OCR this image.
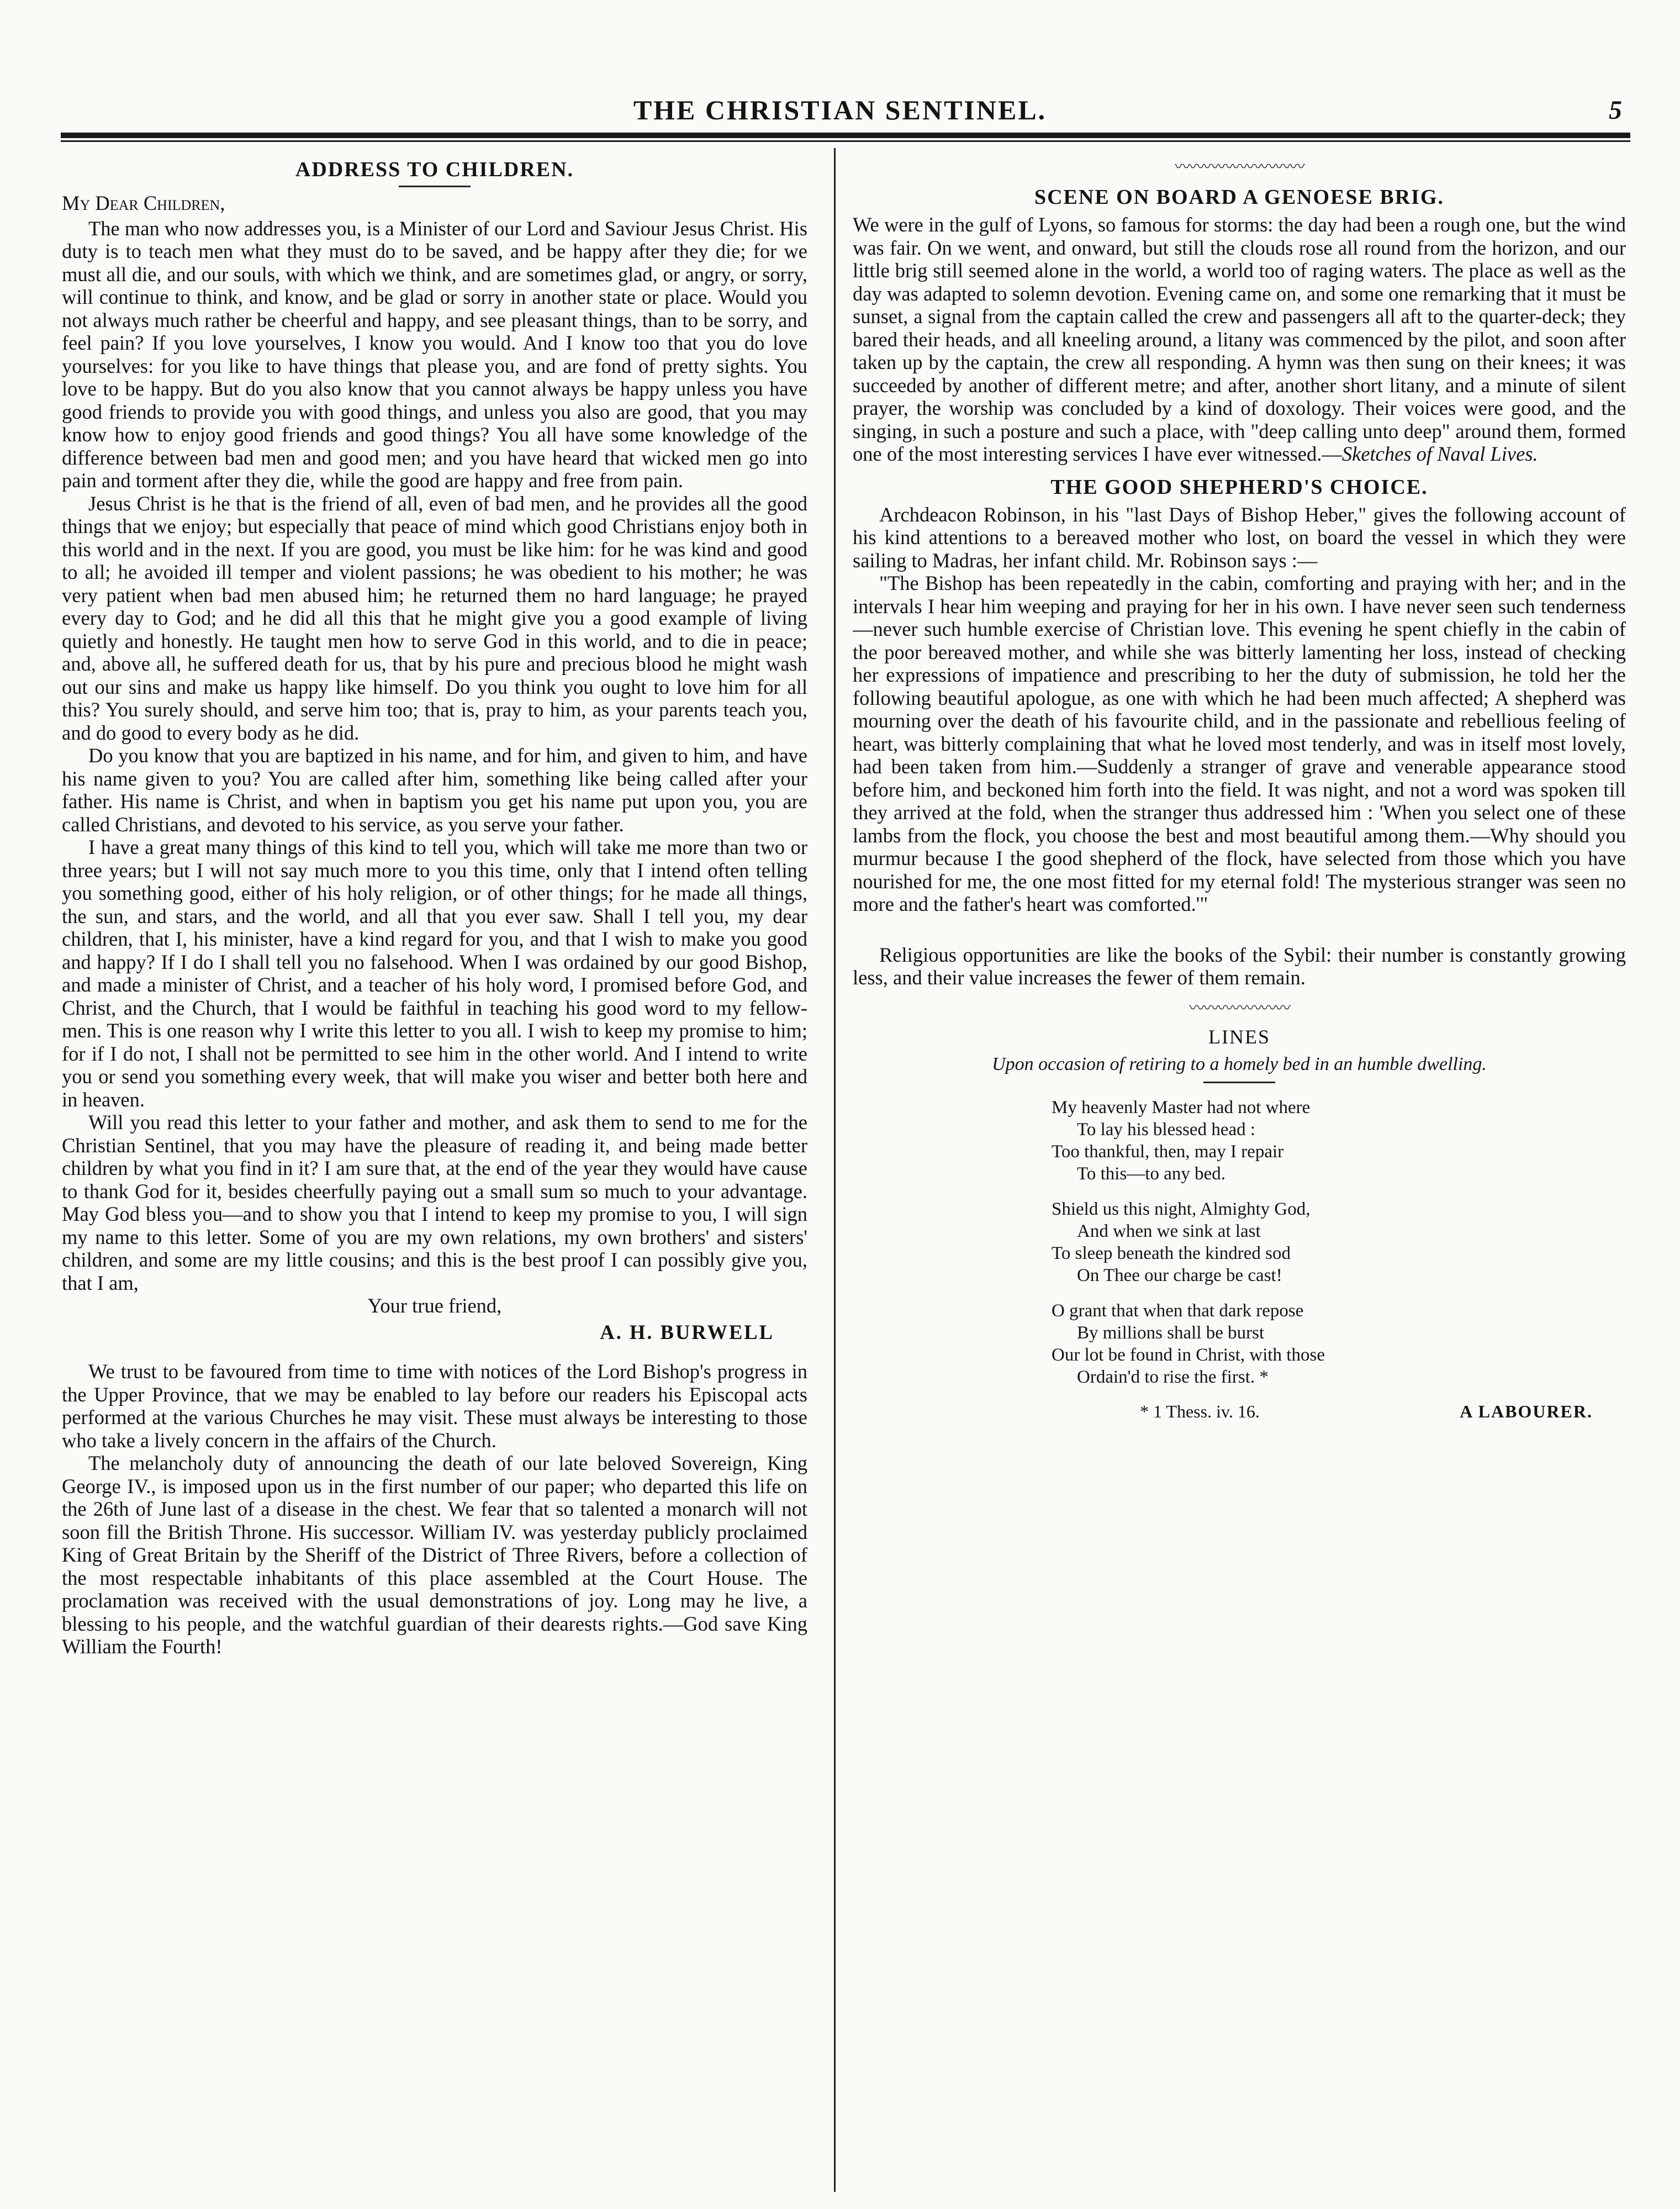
THE CHRISTIAN SENTINEL.	5
ADDRESS TO CHILDREN.

My Dear Children,

The man who now addresses you, is a Minister of our Lord and Saviour Jesus Christ. His duty is to teach men what they must do to be saved, and be happy after they die; for we must all die, and our souls, with which we think, and are sometimes glad, or angry, or sorry, will continue to think, and know, and be glad or sorry in another state or place. Would you not always much rather be cheerful and happy, and see pleasant things, than to be sorry, and feel pain? If you love yourselves, I know you would. And I know too that you do love yourselves: for you like to have things that please you, and are fond of pretty sights. You love to be happy. But do you also know that you cannot always be happy unless you have good friends to provide you with good things, and unless you also are good, that you may know how to enjoy good friends and good things? You all have some knowledge of the difference between bad men and good men; and you have heard that wicked men go into pain and torment after they die, while the good are happy and free from pain.

Jesus Christ is he that is the friend of all, even of bad men, and he provides all the good things that we enjoy; but especially that peace of mind which good Christians enjoy both in this world and in the next. If you are good, you must be like him: for he was kind and good to all; he avoided ill temper and violent passions; he was obedient to his mother; he was very patient when bad men abused him; he returned them no hard language; he prayed every day to God; and he did all this that he might give you a good example of living quietly and honestly. He taught men how to serve God in this world, and to die in peace; and, above all, he suffered death for us, that by his pure and precious blood he might wash out our sins and make us happy like himself. Do you think you ought to love him for all this? You surely should, and serve him too; that is, pray to him, as your parents teach you, and do good to every body as he did.

Do you know that you are baptized in his name, and for him, and given to him, and have his name given to you? You are called after him, something like being called after your father. His name is Christ, and when in baptism you get his name put upon you, you are called Christians, and devoted to his service, as you serve your father.

I have a great many things of this kind to tell you, which will take me more than two or three years; but I will not say much more to you this time, only that I intend often telling you something good, either of his holy religion, or of other things; for he made all things, the sun, and stars, and the world, and all that you ever saw. Shall I tell you, my dear children, that I, his minister, have a kind regard for you, and that I wish to make you good and happy? If I do I shall tell you no falsehood. When I was ordained by our good Bishop, and made a minister of Christ, and a teacher of his holy word, I promised before God, and Christ, and the Church, that I would be faithful in teaching his good word to my fellow-men. This is one reason why I write this letter to you all. I wish to keep my promise to him; for if I do not, I shall not be permitted to see him in the other world. And I intend to write you or send you something every week, that will make you wiser and better both here and in heaven.

Will you read this letter to your father and mother, and ask them to send to me for the Christian Sentinel, that you may have the pleasure of reading it, and being made better children by what you find in it? I am sure that, at the end of the year they would have cause to thank God for it, besides cheerfully paying out a small sum so much to your advantage. May God bless you—and to show you that I intend to keep my promise to you, I will sign my name to this letter. Some of you are my own relations, my own brothers' and sisters' children, and some are my little cousins; and this is the best proof I can possibly give you, that I am,

Your true friend,

A. H. BURWELL

We trust to be favoured from time to time with notices of the Lord Bishop's progress in the Upper Province, that we may be enabled to lay before our readers his Episcopal acts performed at the various Churches he may visit. These must always be interesting to those who take a lively concern in the affairs of the Church.

The melancholy duty of announcing the death of our late beloved Sovereign, King George IV., is imposed upon us in the first number of our paper; who departed this life on the 26th of June last of a disease in the chest. We fear that so talented a monarch will not soon fill the British Throne. His successor. William IV. was yesterday publicly proclaimed King of Great Britain by the Sheriff of the District of Three Rivers, before a collection of the most respectable inhabitants of this place assembled at the Court House. The proclamation was received with the usual demonstrations of joy. Long may he live, a blessing to his people, and the watchful guardian of their dearests rights.—God save King William the Fourth!

〰〰〰〰〰〰〰〰〰
SCENE ON BOARD A GENOESE BRIG.

We were in the gulf of Lyons, so famous for storms: the day had been a rough one, but the wind was fair. On we went, and onward, but still the clouds rose all round from the horizon, and our little brig still seemed alone in the world, a world too of raging waters. The place as well as the day was adapted to solemn devotion. Evening came on, and some one remarking that it must be sunset, a signal from the captain called the crew and passengers all aft to the quarter-deck; they bared their heads, and all kneeling around, a litany was commenced by the pilot, and soon after taken up by the captain, the crew all responding. A hymn was then sung on their knees; it was succeeded by another of different metre; and after, another short litany, and a minute of silent prayer, the worship was concluded by a kind of doxology. Their voices were good, and the singing, in such a posture and such a place, with "deep calling unto deep" around them, formed one of the most interesting services I have ever witnessed.—Sketches of Naval Lives.

THE GOOD SHEPHERD'S CHOICE.

Archdeacon Robinson, in his "last Days of Bishop Heber," gives the following account of his kind attentions to a bereaved mother who lost, on board the vessel in which they were sailing to Madras, her infant child. Mr. Robinson says :—

"The Bishop has been repeatedly in the cabin, comforting and praying with her; and in the intervals I hear him weeping and praying for her in his own. I have never seen such tenderness—never such humble exercise of Christian love. This evening he spent chiefly in the cabin of the poor bereaved mother, and while she was bitterly lamenting her loss, instead of checking her expressions of impatience and prescribing to her the duty of submission, he told her the following beautiful apologue, as one with which he had been much affected; A shepherd was mourning over the death of his favourite child, and in the passionate and rebellious feeling of heart, was bitterly complaining that what he loved most tenderly, and was in itself most lovely, had been taken from him.—Suddenly a stranger of grave and venerable appearance stood before him, and beckoned him forth into the field. It was night, and not a word was spoken till they arrived at the fold, when the stranger thus addressed him : 'When you select one of these lambs from the flock, you choose the best and most beautiful among them.—Why should you murmur because I the good shepherd of the flock, have selected from those which you have nourished for me, the one most fitted for my eternal fold! The mysterious stranger was seen no more and the father's heart was comforted.'"

Religious opportunities are like the books of the Sybil: their number is constantly growing less, and their value increases the fewer of them remain.

〰〰〰〰〰〰〰
LINES
Upon occasion of retiring to a homely bed in an humble dwelling.
My heavenly Master had not where
To lay his blessed head :
Too thankful, then, may I repair
To this—to any bed.
Shield us this night, Almighty God,
And when we sink at last
To sleep beneath the kindred sod
On Thee our charge be cast!
O grant that when that dark repose
By millions shall be burst
Our lot be found in Christ, with those
Ordain'd to rise the first. *
* 1 Thess. iv. 16.	A LABOURER.
